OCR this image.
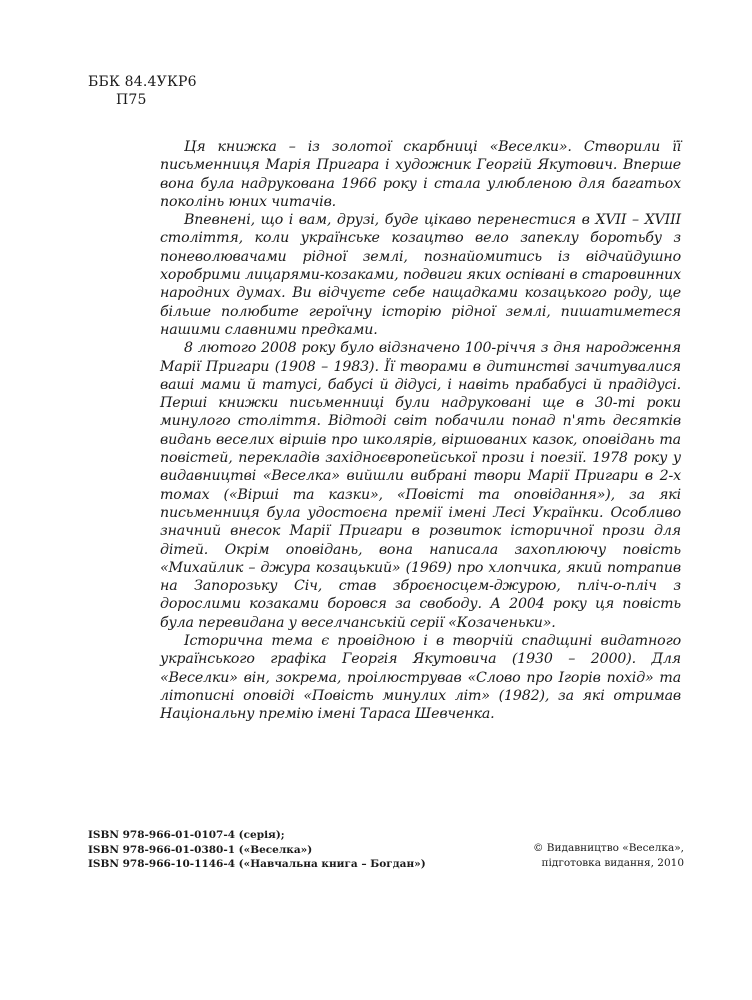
ББК 84.4УКР6
П75

Ця книжка – із золотої скарбниці «Веселки». Створили її письменниця Марія Пригара і художник Георгій Якутович. Вперше вона була надрукована 1966 року і стала улюбленою для багатьох поколінь юних читачів.

Впевнені, що і вам, друзі, буде цікаво перенестися в XVII – XVIII століття, коли українське козацтво вело запеклу боротьбу з поневолювачами рідної землі, познайомитись із відчайдушно хоробрими лицарями-козаками, подвиги яких оспівані в старовинних народних думах. Ви відчуєте себе нащадками козацького роду, ще більше полюбите героїчну історію рідної землі, пишатиметеся нашими славними предками.

8 лютого 2008 року було відзначено 100-річчя з дня народження Марії Пригари (1908 – 1983). Її творами в дитинстві зачитувалися ваші мами й татусі, бабусі й дідусі, і навіть прабабусі й прадідусі. Перші книжки письменниці були надруковані ще в 30-ті роки минулого століття. Відтоді світ побачили понад п'ять десятків видань веселих віршів про школярів, віршованих казок, оповідань та повістей, перекладів західноєвропейської прози і поезії. 1978 року у видавництві «Веселка» вийшли вибрані твори Марії Пригари в 2-х томах («Вірші та казки», «Повісті та оповідання»), за які письменниця була удостоєна премії імені Лесі Українки. Особливо значний внесок Марії Пригари в розвиток історичної прози для дітей. Окрім оповідань, вона написала захоплюючу повість «Михайлик – джура козацький» (1969) про хлопчика, який потрапив на Запорозьку Січ, став зброєносцем-джурою, пліч-о-пліч з дорослими козаками боровся за свободу. А 2004 року ця повість була перевидана у веселчанській серії «Козаченьки».

Історична тема є провідною і в творчій спадщині видатного українського графіка Георгія Якутовича (1930 – 2000). Для «Веселки» він, зокрема, проілюстрував «Слово про Ігорів похід» та літописні оповіді «Повість минулих літ» (1982), за які отримав Національну премію імені Тараса Шевченка.

ISBN 978-966-01-0107-4 (серія);
ISBN 978-966-01-0380-1 («Веселка»)
ISBN 978-966-10-1146-4 («Навчальна книга – Богдан»)
© Видавництво «Веселка»,
підготовка видання, 2010
